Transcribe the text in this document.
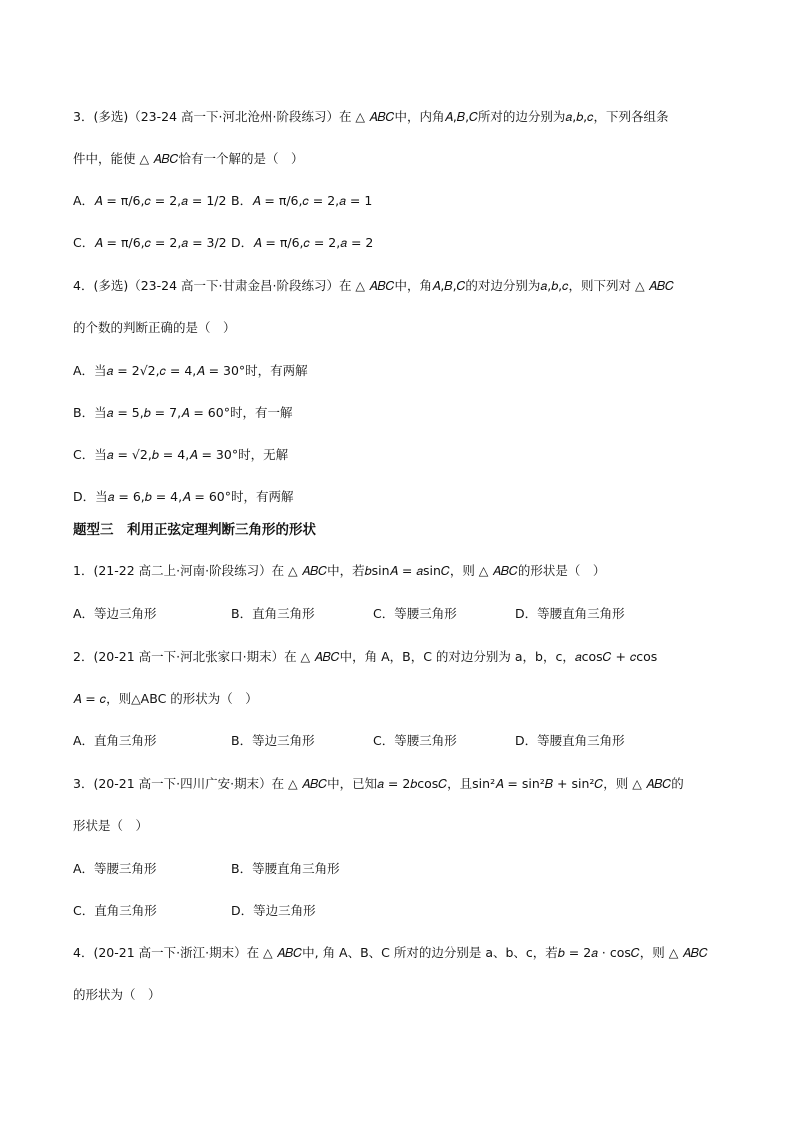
3．(多选)（23-24 高一下·河北沧州·阶段练习）在 △ 𝐴𝐵𝐶中，内角𝐴,𝐵,𝐶所对的边分别为𝑎,𝑏,𝑐，下列各组条
件中，能使 △ 𝐴𝐵𝐶恰有一个解的是（　）
A．𝐴 = π/6,𝑐 = 2,𝑎 = 1/2 B．𝐴 = π/6,𝑐 = 2,𝑎 = 1
C．𝐴 = π/6,𝑐 = 2,𝑎 = 3/2 D．𝐴 = π/6,𝑐 = 2,𝑎 = 2
4．(多选)（23-24 高一下·甘肃金昌·阶段练习）在 △ 𝐴𝐵𝐶中，角𝐴,𝐵,𝐶的对边分别为𝑎,𝑏,𝑐，则下列对 △ 𝐴𝐵𝐶
的个数的判断正确的是（　）
A．当𝑎 = 2√2,𝑐 = 4,𝐴 = 30°时，有两解
B．当𝑎 = 5,𝑏 = 7,𝐴 = 60°时，有一解
C．当𝑎 = √2,𝑏 = 4,𝐴 = 30°时，无解
D．当𝑎 = 6,𝑏 = 4,𝐴 = 60°时，有两解
题型三　利用正弦定理判断三角形的形状
1．(21-22 高二上·河南·阶段练习）在 △ 𝐴𝐵𝐶中，若𝑏sin𝐴 = 𝑎sin𝐶，则 △ 𝐴𝐵𝐶的形状是（　）
A．等边三角形	B．直角三角形	C．等腰三角形	D．等腰直角三角形
2．(20-21 高一下·河北张家口·期末）在 △ 𝐴𝐵𝐶中，角 A，B，C 的对边分别为 a，b，c，𝑎cos𝐶 + 𝑐cos
𝐴 = 𝑐，则△ABC 的形状为（　）
A．直角三角形	B．等边三角形	C．等腰三角形	D．等腰直角三角形
3．(20-21 高一下·四川广安·期末）在 △ 𝐴𝐵𝐶中，已知𝑎 = 2𝑏cos𝐶，且sin²𝐴 = sin²𝐵 + sin²𝐶，则 △ 𝐴𝐵𝐶的
形状是（　）
A．等腰三角形	B．等腰直角三角形
C．直角三角形	D．等边三角形
4．(20-21 高一下·浙江·期末）在 △ 𝐴𝐵𝐶中, 角 A、B、C 所对的边分别是 a、b、c，若𝑏 = 2𝑎 ⋅ cos𝐶，则 △ 𝐴𝐵𝐶
的形状为（　）
